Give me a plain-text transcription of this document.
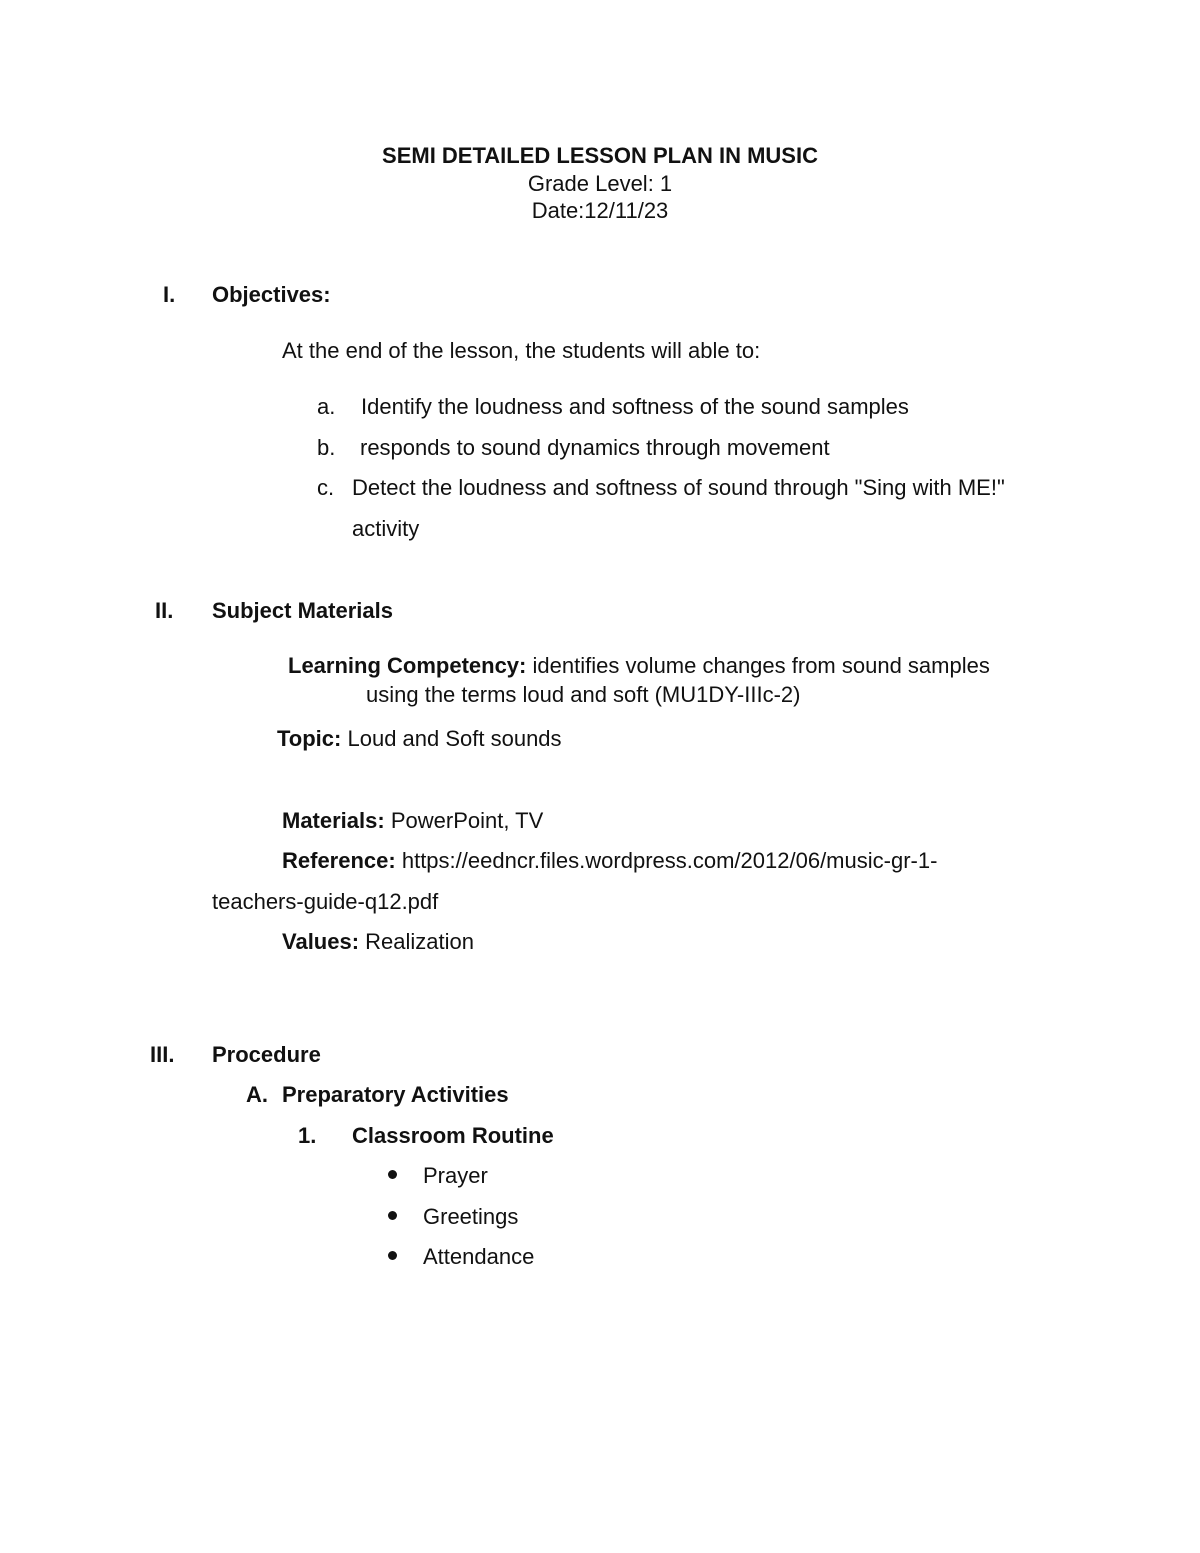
SEMI DETAILED LESSON PLAN IN MUSIC
Grade Level: 1
Date:12/11/23
I. Objectives:
At the end of the lesson, the students will able to:
a. Identify the loudness and softness of the sound samples
b. responds to sound dynamics through movement
c. Detect the loudness and softness of sound through "Sing with ME!"
activity
II. Subject Materials
Learning Competency: identifies volume changes from sound samples
using the terms loud and soft (MU1DY-IIIc-2)
Topic: Loud and Soft sounds
Materials: PowerPoint, TV
Reference: https://eedncr.files.wordpress.com/2012/06/music-gr-1-
teachers-guide-q12.pdf
Values: Realization
III. Procedure
A. Preparatory Activities
1. Classroom Routine
Prayer
Greetings
Attendance
